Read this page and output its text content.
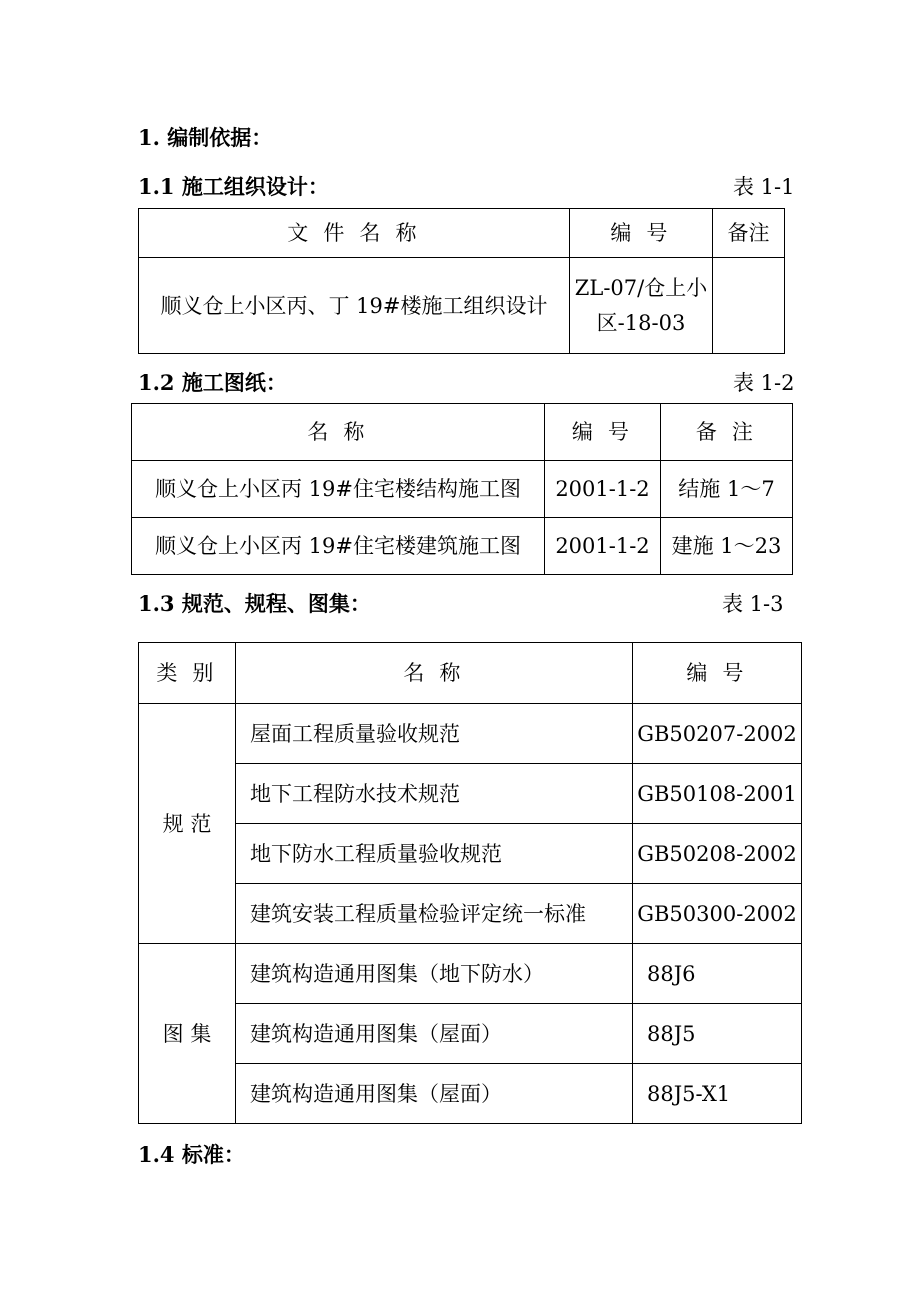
1. 编制依据：
1.1 施工组织设计：	表 1-1
文 件 名 称	编 号	备注
顺义仓上小区丙、丁 19#楼施工组织设计	ZL-07/仓上小区-18-03	
1.2 施工图纸：	表 1-2
名 称	编 号	备 注
顺义仓上小区丙 19#住宅楼结构施工图	2001-1-2	结施 1～7
顺义仓上小区丙 19#住宅楼建筑施工图	2001-1-2	建施 1～23
1.3 规范、规程、图集：	表 1-3
类 别	名 称	编 号
规 范	屋面工程质量验收规范	GB50207-2002
	地下工程防水技术规范	GB50108-2001
	地下防水工程质量验收规范	GB50208-2002
	建筑安装工程质量检验评定统一标准	GB50300-2002
图 集	建筑构造通用图集（地下防水）	88J6
	建筑构造通用图集（屋面）	88J5
	建筑构造通用图集（屋面）	88J5-X1
1.4 标准：
